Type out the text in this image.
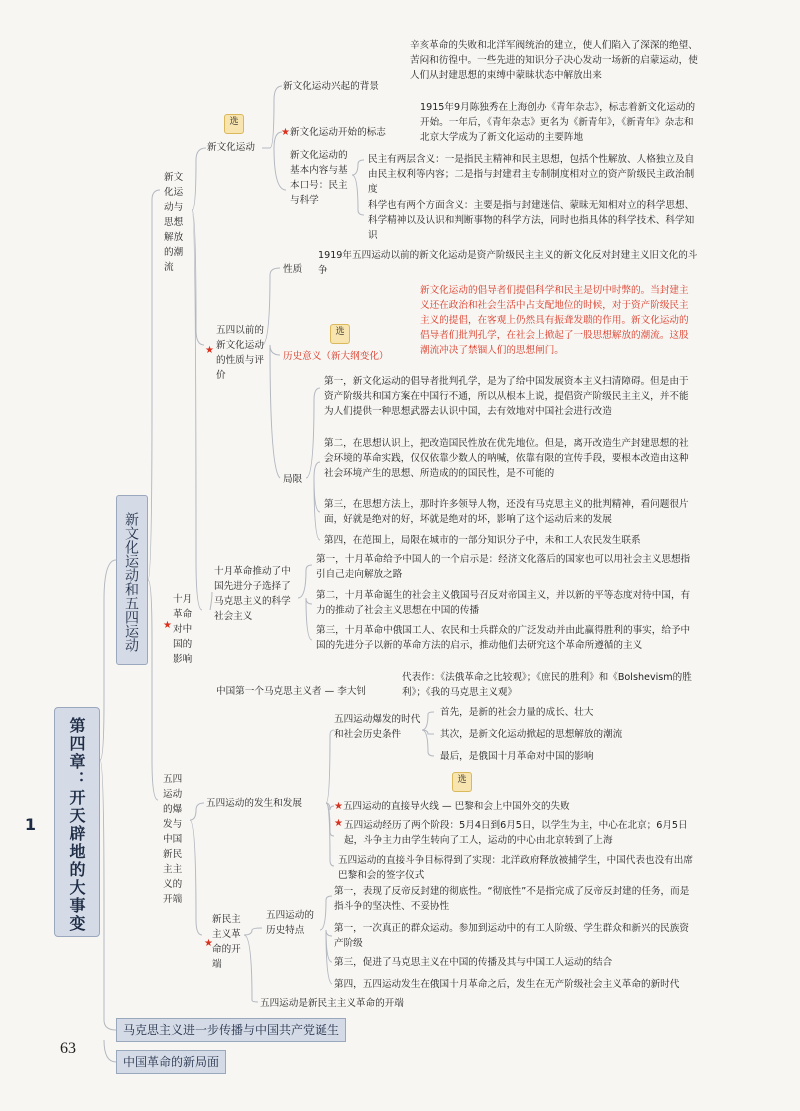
第四章：开天辟地的大事变1
63
新文化运动和五四运动
马克思主义进一步传播与中国共产党诞生
中国革命的新局面
新文化运动与思想解放的潮流
选
新文化运动
新文化运动兴起的背景
辛亥革命的失败和北洋军阀统治的建立，使人们陷入了深深的绝望、苦闷和彷徨中。一些先进的知识分子决心发动一场新的启蒙运动，使人们从封建思想的束缚中蒙昧状态中解放出来
★新文化运动开始的标志
1915年9月陈独秀在上海创办《青年杂志》，标志着新文化运动的开始。一年后，《青年杂志》更名为《新青年》，《新青年》杂志和北京大学成为了新文化运动的主要阵地
新文化运动的基本内容与基本口号：民主与科学
民主有两层含义：一是指民主精神和民主思想，包括个性解放、人格独立及自由民主权利等内容；二是指与封建君主专制制度相对立的资产阶级民主政治制度
科学也有两个方面含义：主要是指与封建迷信、蒙昧无知相对立的科学思想、科学精神以及认识和判断事物的科学方法，同时也指具体的科学技术、科学知识
五四以前的新文化运动的性质与评价
★
性质
1919年五四运动以前的新文化运动是资产阶级民主主义的新文化反对封建主义旧文化的斗争
选
历史意义（新大纲变化）
新文化运动的倡导者们提倡科学和民主是切中时弊的。当封建主义还在政治和社会生活中占支配地位的时候，对于资产阶级民主主义的提倡，在客观上仍然具有振聋发聩的作用。新文化运动的倡导者们批判孔学，在社会上掀起了一股思想解放的潮流。这股潮流冲决了禁锢人们的思想闸门。
局限
第一，新文化运动的倡导者批判孔学，是为了给中国发展资本主义扫清障碍。但是由于资产阶级共和国方案在中国行不通，所以从根本上说，提倡资产阶级民主主义，并不能为人们提供一种思想武器去认识中国，去有效地对中国社会进行改造
第二，在思想认识上，把改造国民性放在优先地位。但是，离开改造生产封建思想的社会环境的革命实践，仅仅依靠少数人的呐喊，依靠有限的宣传手段，要根本改造由这种社会环境产生的思想、所造成的的国民性，是不可能的
第三，在思想方法上，那时许多领导人物，还没有马克思主义的批判精神，看问题很片面，好就是绝对的好，坏就是绝对的坏，影响了这个运动后来的发展
第四，在范围上，局限在城市的一部分知识分子中，未和工人农民发生联系
十月革命对中国的影响
★
十月革命推动了中国先进分子选择了马克思主义的科学社会主义
第一，十月革命给予中国人的一个启示是：经济文化落后的国家也可以用社会主义思想指引自己走向解放之路
第二，十月革命诞生的社会主义俄国号召反对帝国主义，并以新的平等态度对待中国，有力的推动了社会主义思想在中国的传播
第三，十月革命中俄国工人、农民和士兵群众的广泛发动并由此赢得胜利的事实，给予中国的先进分子以新的革命方法的启示，推动他们去研究这个革命所遵循的主义
中国第一个马克思主义者 — 李大钊
代表作：《法俄革命之比较观》；《庶民的胜利》和《Bolshevism的胜利》；《我的马克思主义观》
五四运动的爆发与中国新民主主义的开端
五四运动的发生和发展
五四运动爆发的时代和社会历史条件
首先，是新的社会力量的成长、壮大
其次，是新文化运动掀起的思想解放的潮流
最后，是俄国十月革命对中国的影响
选
★五四运动的直接导火线 — 巴黎和会上中国外交的失败
★ 五四运动经历了两个阶段：5月4日到6月5日，以学生为主，中心在北京；6月5日起，斗争主力由学生转向了工人，运动的中心由北京转到了上海
五四运动的直接斗争目标得到了实现：北洋政府释放被捕学生，中国代表也没有出席巴黎和会的签字仪式
新民主主义革命的开端
★
五四运动的历史特点
第一，表现了反帝反封建的彻底性。“彻底性”不是指完成了反帝反封建的任务，而是指斗争的坚决性、不妥协性
第一，一次真正的群众运动。参加到运动中的有工人阶级、学生群众和新兴的民族资产阶级
第三，促进了马克思主义在中国的传播及其与中国工人运动的结合
第四，五四运动发生在俄国十月革命之后，发生在无产阶级社会主义革命的新时代
五四运动是新民主主义革命的开端
